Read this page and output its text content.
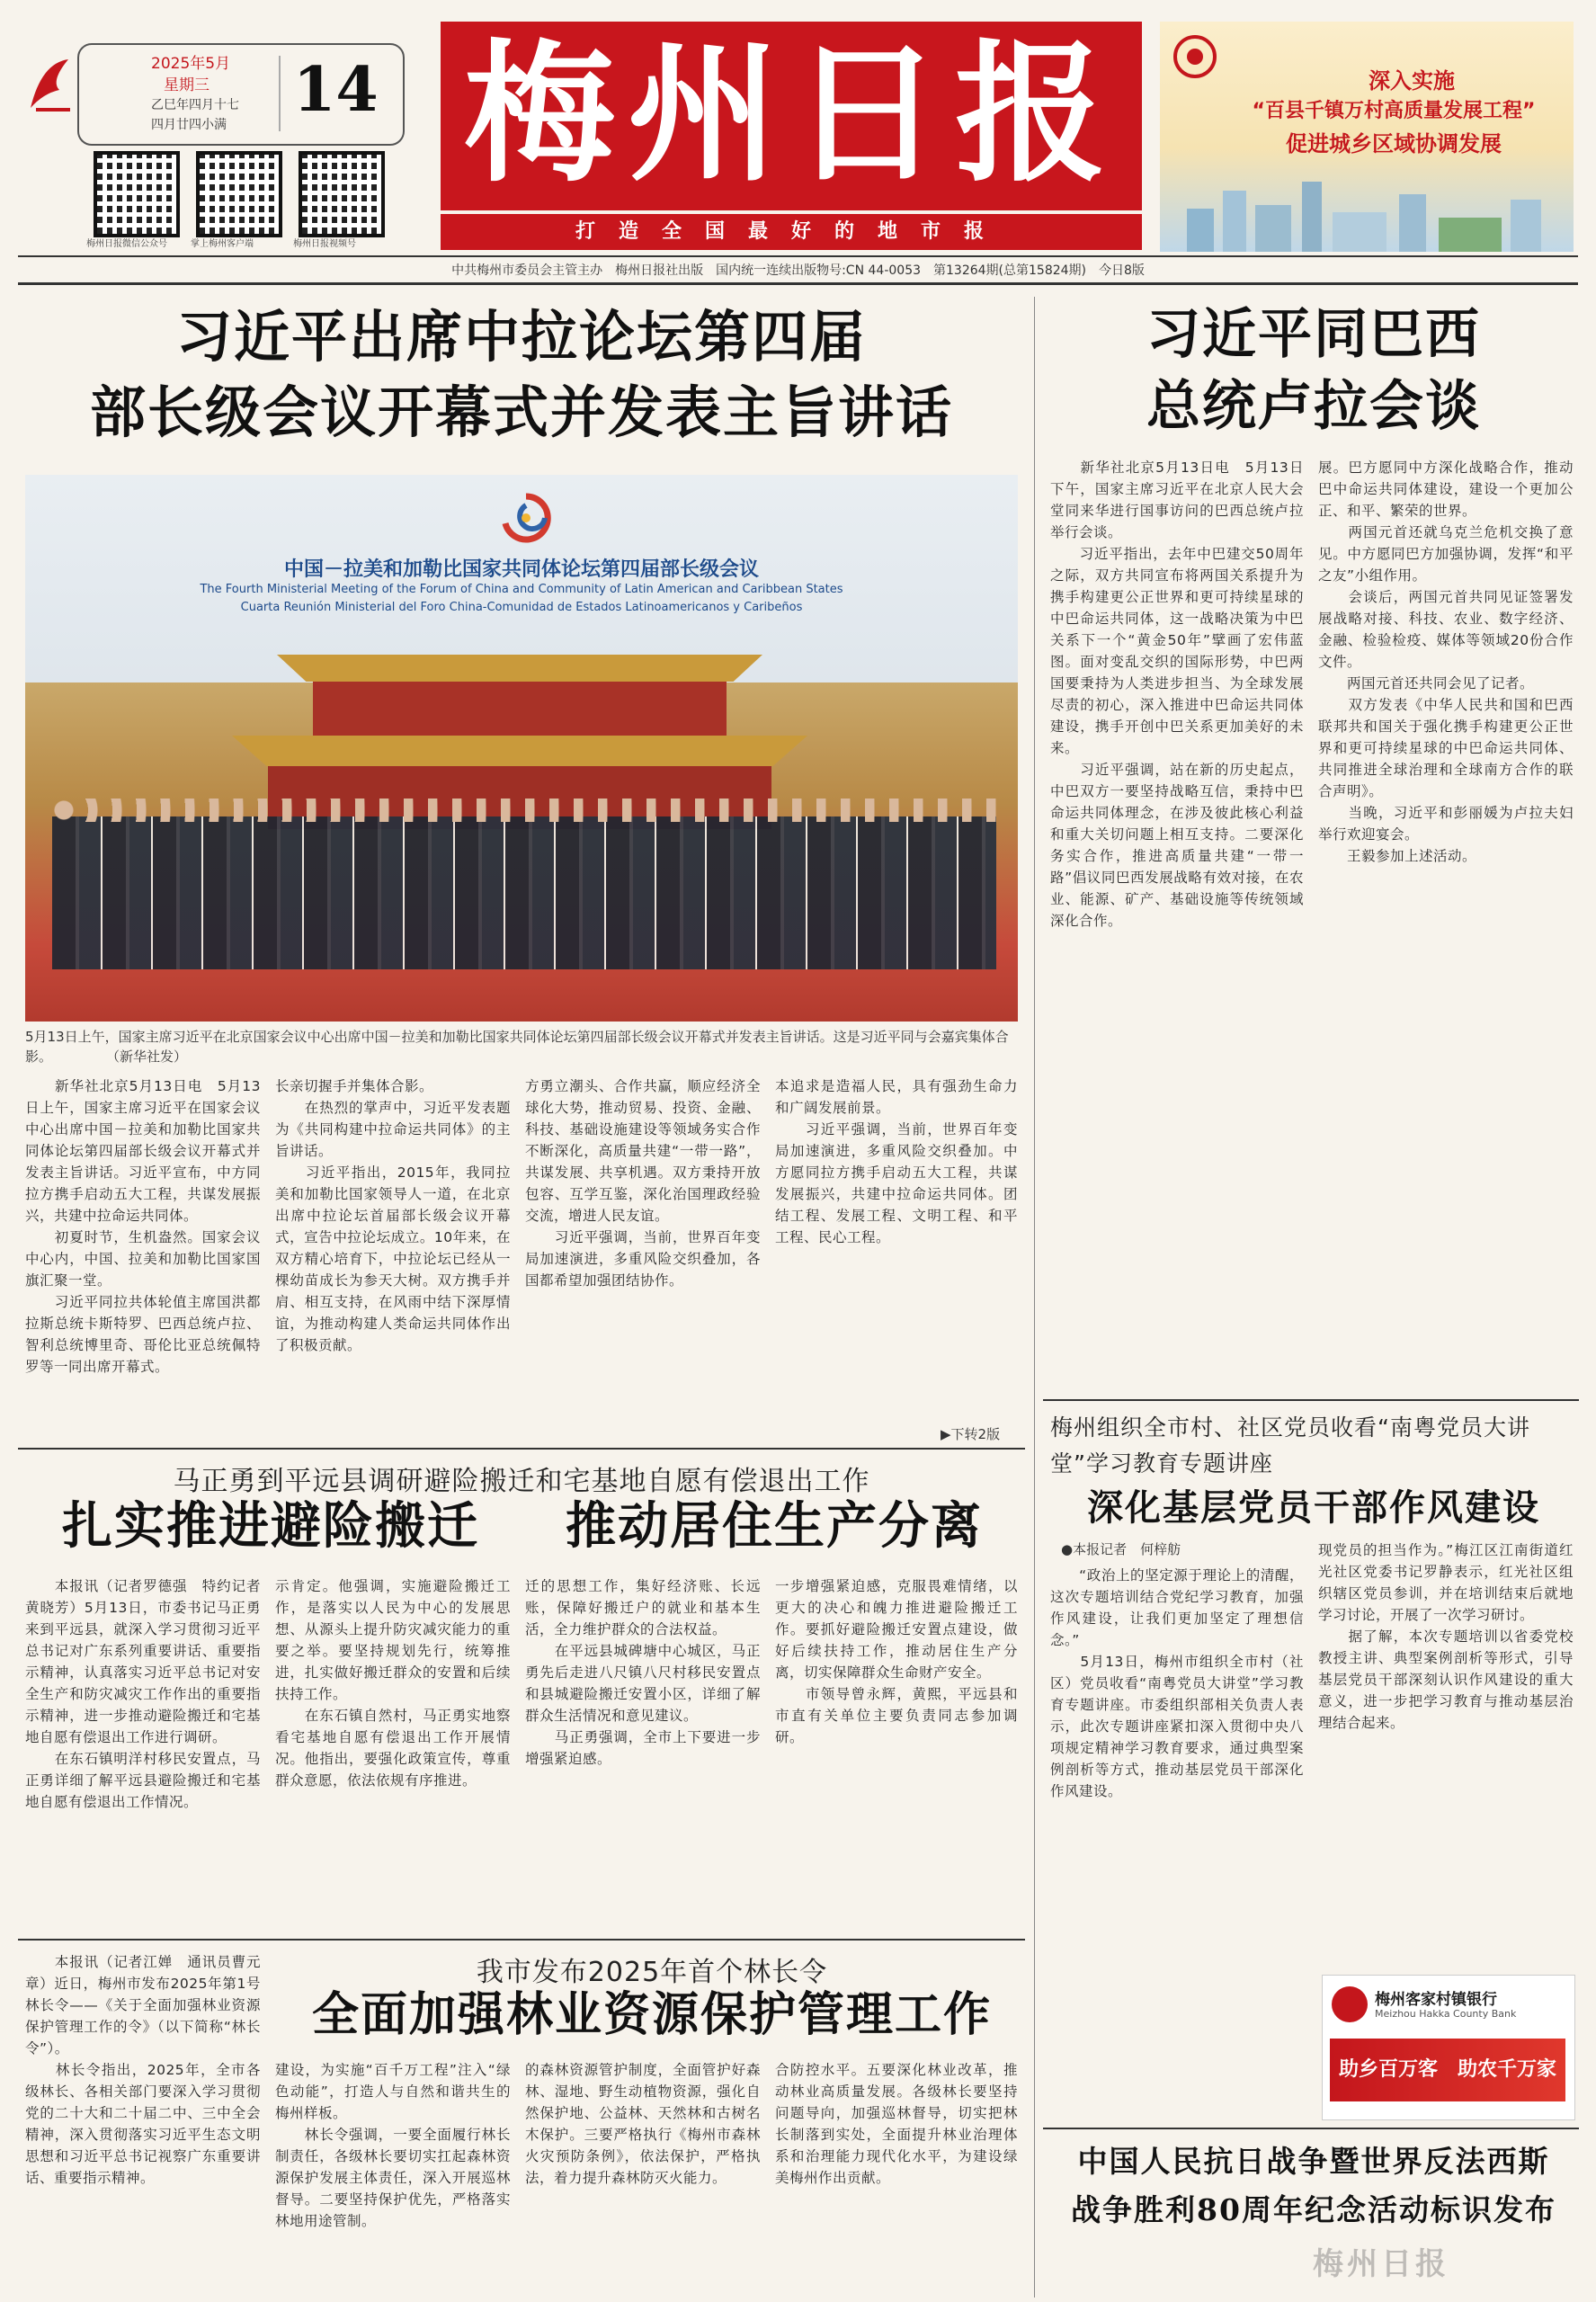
2025年5月
星期三
乙巳年四月十七
四月廿四小满 14
梅州日报微信公众号	掌上梅州客户端	梅州日报视频号
梅州日报
打造全国最好的地市报
深入实施
“百县千镇万村高质量发展工程”
促进城乡区域协调发展
中共梅州市委员会主管主办　梅州日报社出版　国内统一连续出版物号:CN 44-0053　第13264期(总第15824期)　今日8版
习近平出席中拉论坛第四届
部长级会议开幕式并发表主旨讲话
中国－拉美和加勒比国家共同体论坛第四届部长级会议
The Fourth Ministerial Meeting of the Forum of China and Community of Latin American and Caribbean States
Cuarta Reunión Ministerial del Foro China-Comunidad de Estados Latinoamericanos y Caribeños
5月13日上午，国家主席习近平在北京国家会议中心出席中国－拉美和加勒比国家共同体论坛第四届部长级会议开幕式并发表主旨讲话。这是习近平同与会嘉宾集体合影。　　　　　（新华社发）
　　新华社北京5月13日电　5月13日上午，国家主席习近平在国家会议中心出席中国－拉美和加勒比国家共同体论坛第四届部长级会议开幕式并发表主旨讲话。习近平宣布，中方同拉方携手启动五大工程，共谋发展振兴，共建中拉命运共同体。
　　初夏时节，生机盎然。国家会议中心内，中国、拉美和加勒比国家国旗汇聚一堂。
　　习近平同拉共体轮值主席国洪都拉斯总统卡斯特罗、巴西总统卢拉、智利总统博里奇、哥伦比亚总统佩特罗等一同出席开幕式。
长亲切握手并集体合影。
　　在热烈的掌声中，习近平发表题为《共同构建中拉命运共同体》的主旨讲话。
　　习近平指出，2015年，我同拉美和加勒比国家领导人一道，在北京出席中拉论坛首届部长级会议开幕式，宣告中拉论坛成立。10年来，在双方精心培育下，中拉论坛已经从一棵幼苗成长为参天大树。双方携手并肩、相互支持，在风雨中结下深厚情谊，为推动构建人类命运共同体作出了积极贡献。
方勇立潮头、合作共赢，顺应经济全球化大势，推动贸易、投资、金融、科技、基础设施建设等领域务实合作不断深化，高质量共建“一带一路”，共谋发展、共享机遇。双方秉持开放包容、互学互鉴，深化治国理政经验交流，增进人民友谊。
　　习近平强调，当前，世界百年变局加速演进，多重风险交织叠加，各国都希望加强团结协作。
本追求是造福人民，具有强劲生命力和广阔发展前景。
　　习近平强调，当前，世界百年变局加速演进，多重风险交织叠加。中方愿同拉方携手启动五大工程，共谋发展振兴，共建中拉命运共同体。团结工程、发展工程、文明工程、和平工程、民心工程。
▶下转2版
习近平同巴西
总统卢拉会谈
　　新华社北京5月13日电　5月13日下午，国家主席习近平在北京人民大会堂同来华进行国事访问的巴西总统卢拉举行会谈。
　　习近平指出，去年中巴建交50周年之际，双方共同宣布将两国关系提升为携手构建更公正世界和更可持续星球的中巴命运共同体，这一战略决策为中巴关系下一个“黄金50年”擘画了宏伟蓝图。面对变乱交织的国际形势，中巴两国要秉持为人类进步担当、为全球发展尽责的初心，深入推进中巴命运共同体建设，携手开创中巴关系更加美好的未来。
　　习近平强调，站在新的历史起点，中巴双方一要坚持战略互信，秉持中巴命运共同体理念，在涉及彼此核心利益和重大关切问题上相互支持。二要深化务实合作，推进高质量共建“一带一路”倡议同巴西发展战略有效对接，在农业、能源、矿产、基础设施等传统领域深化合作。
展。巴方愿同中方深化战略合作，推动巴中命运共同体建设，建设一个更加公正、和平、繁荣的世界。
　　两国元首还就乌克兰危机交换了意见。中方愿同巴方加强协调，发挥“和平之友”小组作用。
　　会谈后，两国元首共同见证签署发展战略对接、科技、农业、数字经济、金融、检验检疫、媒体等领域20份合作文件。
　　两国元首还共同会见了记者。
　　双方发表《中华人民共和国和巴西联邦共和国关于强化携手构建更公正世界和更可持续星球的中巴命运共同体、共同推进全球治理和全球南方合作的联合声明》。
　　当晚，习近平和彭丽媛为卢拉夫妇举行欢迎宴会。
　　王毅参加上述活动。
马正勇到平远县调研避险搬迁和宅基地自愿有偿退出工作
扎实推进避险搬迁	推动居住生产分离
　　本报讯（记者罗德强　特约记者黄晓芳）5月13日，市委书记马正勇来到平远县，就深入学习贯彻习近平总书记对广东系列重要讲话、重要指示精神，认真落实习近平总书记对安全生产和防灾减灾工作作出的重要指示精神，进一步推动避险搬迁和宅基地自愿有偿退出工作进行调研。
　　在东石镇明洋村移民安置点，马正勇详细了解平远县避险搬迁和宅基地自愿有偿退出工作情况。
示肯定。他强调，实施避险搬迁工作，是落实以人民为中心的发展思想、从源头上提升防灾减灾能力的重要之举。要坚持规划先行，统筹推进，扎实做好搬迁群众的安置和后续扶持工作。
　　在东石镇自然村，马正勇实地察看宅基地自愿有偿退出工作开展情况。他指出，要强化政策宣传，尊重群众意愿，依法依规有序推进。
迁的思想工作，集好经济账、长远账，保障好搬迁户的就业和基本生活，全力维护群众的合法权益。
　　在平远县城碑塘中心城区，马正勇先后走进八尺镇八尺村移民安置点和县城避险搬迁安置小区，详细了解群众生活情况和意见建议。
　　马正勇强调，全市上下要进一步增强紧迫感。
一步增强紧迫感，克服畏难情绪，以更大的决心和魄力推进避险搬迁工作。要抓好避险搬迁安置点建设，做好后续扶持工作，推动居住生产分离，切实保障群众生命财产安全。
　　市领导曾永辉，黄熙，平远县和市直有关单位主要负责同志参加调研。
　　本报讯（记者江婵　通讯员曹元章）近日，梅州市发布2025年第1号林长令——《关于全面加强林业资源保护管理工作的令》（以下简称“林长令”）。
　　林长令指出，2025年，全市各级林长、各相关部门要深入学习贯彻党的二十大和二十届二中、三中全会精神，深入贯彻落实习近平生态文明思想和习近平总书记视察广东重要讲话、重要指示精神。
我市发布2025年首个林长令
全面加强林业资源保护管理工作
建设，为实施“百千万工程”注入“绿色动能”，打造人与自然和谐共生的梅州样板。
　　林长令强调，一要全面履行林长制责任，各级林长要切实扛起森林资源保护发展主体责任，深入开展巡林督导。二要坚持保护优先，严格落实林地用途管制。
的森林资源管护制度，全面管护好森林、湿地、野生动植物资源，强化自然保护地、公益林、天然林和古树名木保护。三要严格执行《梅州市森林火灾预防条例》，依法保护，严格执法，着力提升森林防灭火能力。
合防控水平。五要深化林业改革，推动林业高质量发展。各级林长要坚持问题导向，加强巡林督导，切实把林长制落到实处，全面提升林业治理体系和治理能力现代化水平，为建设绿美梅州作出贡献。
梅州组织全市村、社区党员收看“南粤党员大讲堂”学习教育专题讲座
深化基层党员干部作风建设
●本报记者　何梓舫
　　“政治上的坚定源于理论上的清醒，这次专题培训结合党纪学习教育，加强作风建设，让我们更加坚定了理想信念。”
　　5月13日，梅州市组织全市村（社区）党员收看“南粤党员大讲堂”学习教育专题讲座。市委组织部相关负责人表示，此次专题讲座紧扣深入贯彻中央八项规定精神学习教育要求，通过典型案例剖析等方式，推动基层党员干部深化作风建设。
现党员的担当作为。”梅江区江南街道红光社区党委书记罗静表示，红光社区组织辖区党员参训，并在培训结束后就地学习讨论，开展了一次学习研讨。
　　据了解，本次专题培训以省委党校教授主讲、典型案例剖析等形式，引导基层党员干部深刻认识作风建设的重大意义，进一步把学习教育与推动基层治理结合起来。
梅州客家村镇银行
Meizhou Hakka County Bank
助乡百万客　助农千万家
中国人民抗日战争暨世界反法西斯
战争胜利80周年纪念活动标识发布
梅州日报
